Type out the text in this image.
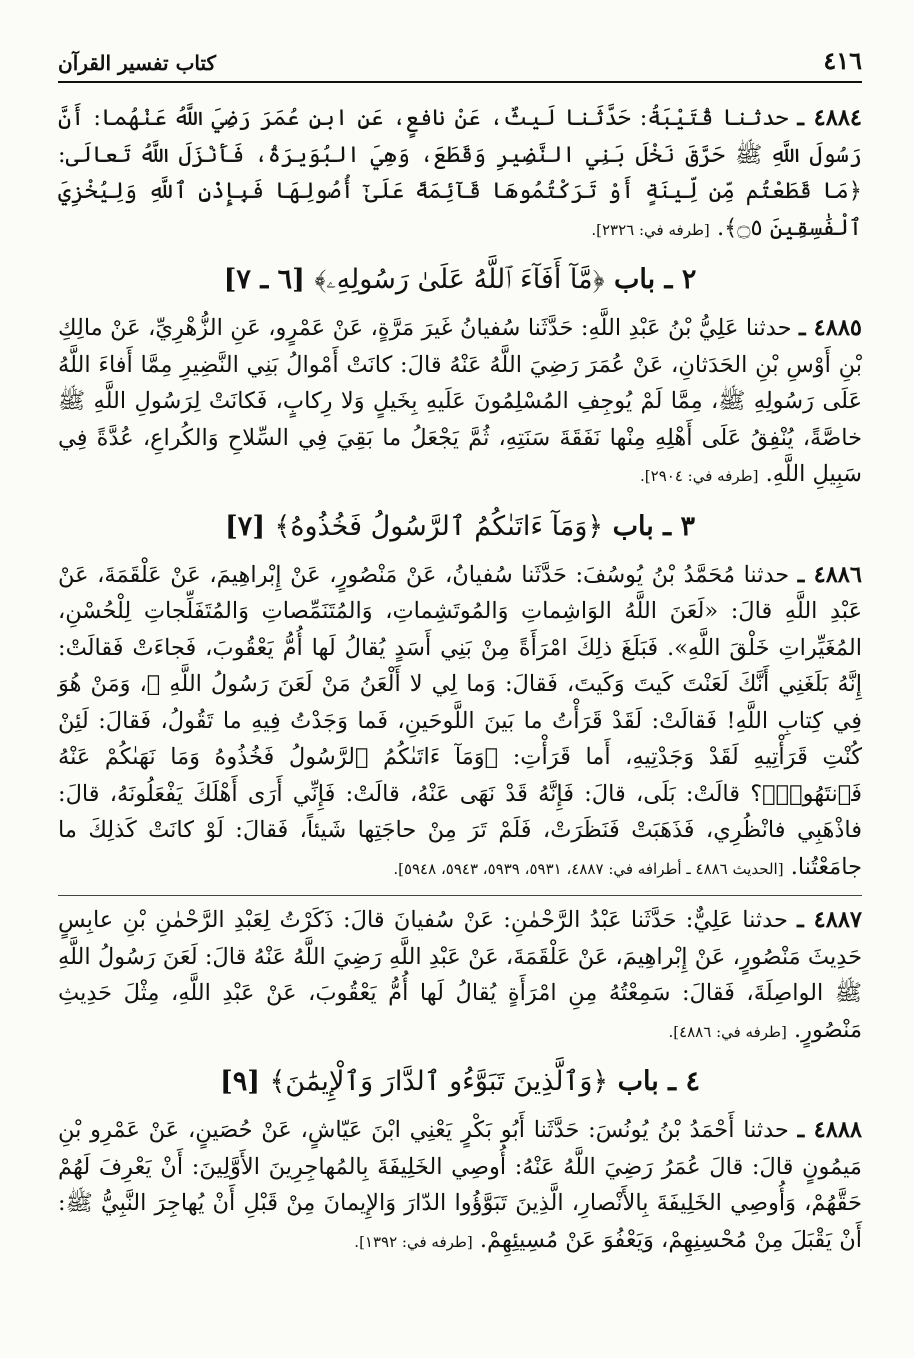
٤١٦
كتاب تفسير القرآن

٤٨٨٤ ـ حدثنا قُتَيْبَةُ: حَدَّثَنا لَيثٌ، عَنْ نافعٍ، عَنِ ابنِ عُمَرَ رَضِيَ اللَّهُ عَنْهُما: أَنَّ رَسُولَ اللَّهِ ﷺ حَرَّقَ نَخْلَ بَنِي النَّضِيرِ وَقَطَعَ، وَهِيَ البُوَيرَةُ، فَأَنْزَلَ اللَّهُ تَعالَى: ﴿مَا قَطَعْتُم مِّن لِّينَةٍ أَوْ تَرَكْتُمُوهَا قَآئِمَةً عَلَىٰٓ أُصُولِهَا فَبِإِذْنِ ٱللَّهِ وَلِيُخْزِيَ ٱلْفَٰسِقِينَ ۝٥﴾. [طرفه في: ٢٣٢٦].

٢ ـ باب ﴿مَّآ أَفَآءَ ٱللَّهُ عَلَىٰ رَسُولِهِۦ﴾ [٦ ـ ٧]

٤٨٨٥ ـ حدثنا عَلِيُّ بْنُ عَبْدِ اللَّهِ: حَدَّثَنا سُفيانُ غَيرَ مَرَّةٍ، عَنْ عَمْرٍو، عَنِ الزُّهْرِيِّ، عَنْ مالِكِ بْنِ أَوْسِ بْنِ الحَدَثانِ، عَنْ عُمَرَ رَضِيَ اللَّهُ عَنْهُ قالَ: كانَتْ أَمْوالُ بَنِي النَّضِيرِ مِمَّا أَفاءَ اللَّهُ عَلَى رَسُولِهِ ﷺ، مِمَّا لَمْ يُوجِفِ المُسْلِمُونَ عَلَيهِ بِخَيلٍ وَلا رِكابٍ، فَكانَتْ لِرَسُولِ اللَّهِ ﷺ خاصَّةً، يُنْفِقُ عَلَى أَهْلِهِ مِنْها نَفَقَةَ سَنَتِهِ، ثُمَّ يَجْعَلُ ما بَقِيَ فِي السِّلاحِ وَالكُراعِ، عُدَّةً فِي سَبِيلِ اللَّهِ. [طرفه في: ٢٩٠٤].

٣ ـ باب ﴿وَمَآ ءَاتَىٰكُمُ ٱلرَّسُولُ فَخُذُوهُ﴾ [٧]

٤٨٨٦ ـ حدثنا مُحَمَّدُ بْنُ يُوسُفَ: حَدَّثَنا سُفيانُ، عَنْ مَنْصُورٍ، عَنْ إِبْراهِيمَ، عَنْ عَلْقَمَةَ، عَنْ عَبْدِ اللَّهِ قالَ: «لَعَنَ اللَّهُ الوَاشِماتِ وَالمُوتَشِماتِ، وَالمُتَنَمِّصاتِ وَالمُتَفَلِّجاتِ لِلْحُسْنِ، المُغَيِّراتِ خَلْقَ اللَّهِ». فَبَلَغَ ذلِكَ امْرَأَةً مِنْ بَنِي أَسَدٍ يُقالُ لَها أُمُّ يَعْقُوبَ، فَجاءَتْ فَقالَتْ: إِنَّهُ بَلَغَنِي أَنَّكَ لَعَنْتَ كَيتَ وَكَيتَ، فَقالَ: وَما لِي لا أَلْعَنُ مَنْ لَعَنَ رَسُولُ اللَّهِ ﷺ، وَمَنْ هُوَ فِي كِتابِ اللَّهِ! فَقالَتْ: لَقَدْ قَرَأْتُ ما بَينَ اللَّوحَينِ، فَما وَجَدْتُ فِيهِ ما تَقُولُ، فَقالَ: لَئِنْ كُنْتِ قَرَأْتِيهِ لَقَدْ وَجَدْتِيهِ، أَما قَرَأْتِ: ﴿وَمَآ ءَاتَىٰكُمُ ٱلرَّسُولُ فَخُذُوهُ وَمَا نَهَىٰكُمْ عَنْهُ فَٱنتَهُوا۟﴾؟ قالَتْ: بَلَى، قالَ: فَإِنَّهُ قَدْ نَهَى عَنْهُ، قالَتْ: فَإِنِّي أَرَى أَهْلَكَ يَفْعَلُونَهُ، قالَ: فاذْهَبِي فانْظُرِي، فَذَهَبَتْ فَنَظَرَتْ، فَلَمْ تَرَ مِنْ حاجَتِها شَيئاً، فَقالَ: لَوْ كانَتْ كَذلِكَ ما جامَعْتُنا. [الحديث ٤٨٨٦ ـ أطرافه في: ٤٨٨٧، ٥٩٣١، ٥٩٣٩، ٥٩٤٣، ٥٩٤٨].

٤٨٨٧ ـ حدثنا عَلِيٌّ: حَدَّثَنا عَبْدُ الرَّحْمٰنِ: عَنْ سُفيانَ قالَ: ذَكَرْتُ لِعَبْدِ الرَّحْمٰنِ بْنِ عابِسٍ حَدِيثَ مَنْصُورٍ، عَنْ إِبْراهِيمَ، عَنْ عَلْقَمَةَ، عَنْ عَبْدِ اللَّهِ رَضِيَ اللَّهُ عَنْهُ قالَ: لَعَنَ رَسُولُ اللَّهِ ﷺ الواصِلَةَ، فَقالَ: سَمِعْتُهُ مِنِ امْرَأَةٍ يُقالُ لَها أُمُّ يَعْقُوبَ، عَنْ عَبْدِ اللَّهِ، مِثْلَ حَدِيثِ مَنْصُورٍ. [طرفه في: ٤٨٨٦].

٤ ـ باب ﴿وَٱلَّذِينَ تَبَوَّءُو ٱلدَّارَ وَٱلْإِيمَٰنَ﴾ [٩]

٤٨٨٨ ـ حدثنا أَحْمَدُ بْنُ يُونُسَ: حَدَّثَنا أَبُو بَكْرٍ يَعْنِي ابْنَ عَيّاشٍ، عَنْ حُصَينٍ، عَنْ عَمْرِو بْنِ مَيمُونٍ قالَ: قالَ عُمَرُ رَضِيَ اللَّهُ عَنْهُ: أُوصِي الخَلِيفَةَ بِالمُهاجِرِينَ الأَوَّلِينَ: أَنْ يَعْرِفَ لَهُمْ حَقَّهُمْ، وَأُوصِي الخَلِيفَةَ بِالأَنْصارِ، الَّذِينَ تَبَوَّؤُوا الدّارَ وَالإِيمانَ مِنْ قَبْلِ أَنْ يُهاجِرَ النَّبِيُّ ﷺ: أَنْ يَقْبَلَ مِنْ مُحْسِنِهِمْ، وَيَعْفُوَ عَنْ مُسِيئِهِمْ. [طرفه في: ١٣٩٢].
